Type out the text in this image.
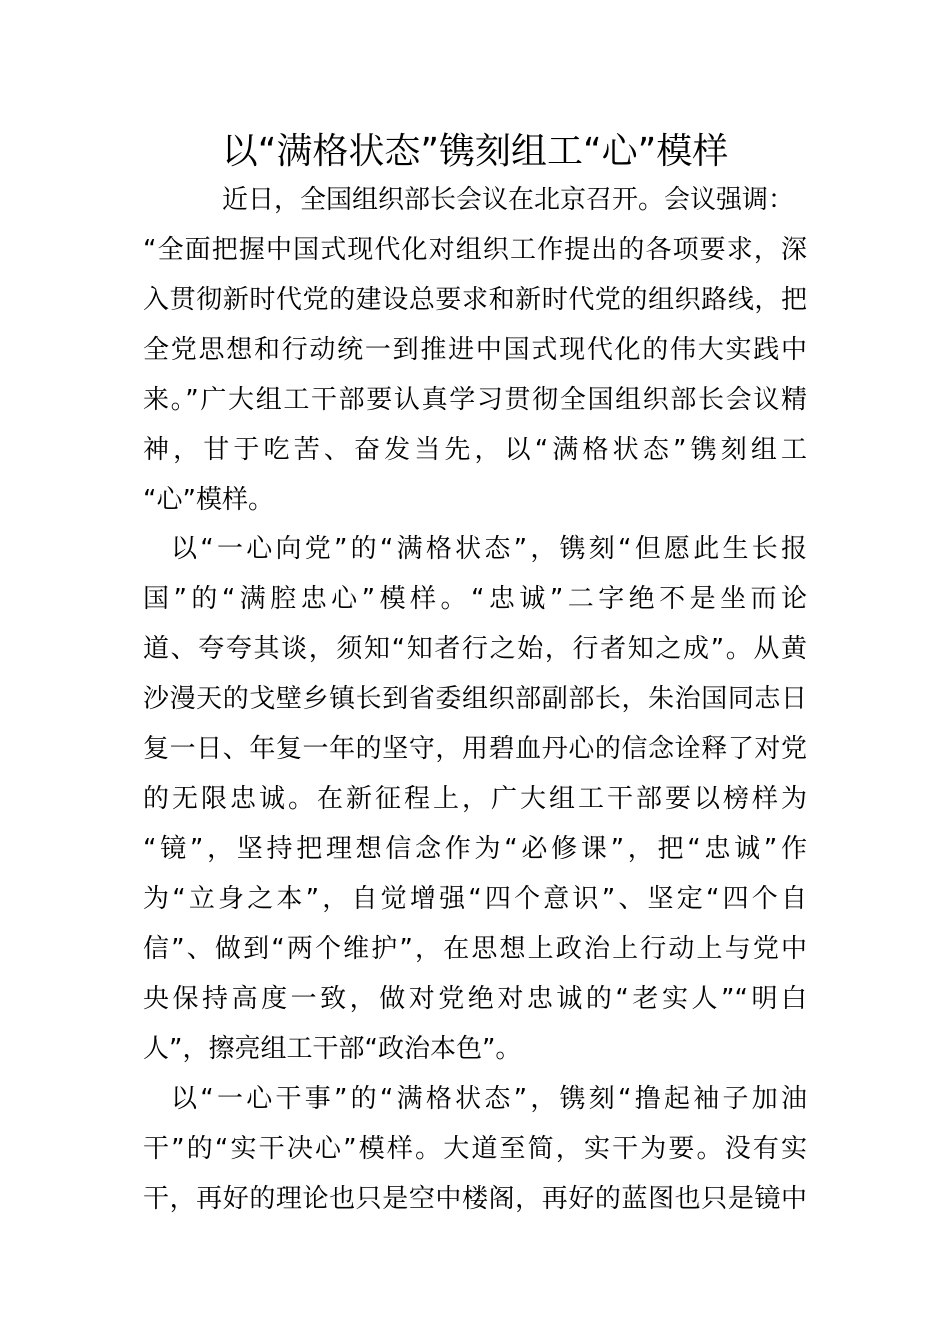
以“满格状态”镌刻组工“心”模样
近日，全国组织部长会议在北京召开。会议强调：
“全面把握中国式现代化对组织工作提出的各项要求，深
入贯彻新时代党的建设总要求和新时代党的组织路线，把
全党思想和行动统一到推进中国式现代化的伟大实践中
来。”广大组工干部要认真学习贯彻全国组织部长会议精
神，甘于吃苦、奋发当先，以“满格状态”镌刻组工
“心”模样。
以“一心向党”的“满格状态”，镌刻“但愿此生长报
国”的“满腔忠心”模样。“忠诚”二字绝不是坐而论
道、夸夸其谈，须知“知者行之始，行者知之成”。从黄
沙漫天的戈壁乡镇长到省委组织部副部长，朱治国同志日
复一日、年复一年的坚守，用碧血丹心的信念诠释了对党
的无限忠诚。在新征程上，广大组工干部要以榜样为
“镜”，坚持把理想信念作为“必修课”，把“忠诚”作
为“立身之本”，自觉增强“四个意识”、坚定“四个自
信”、做到“两个维护”，在思想上政治上行动上与党中
央保持高度一致，做对党绝对忠诚的“老实人”“明白
人”，擦亮组工干部“政治本色”。
以“一心干事”的“满格状态”，镌刻“撸起袖子加油
干”的“实干决心”模样。大道至简，实干为要。没有实
干，再好的理论也只是空中楼阁，再好的蓝图也只是镜中
